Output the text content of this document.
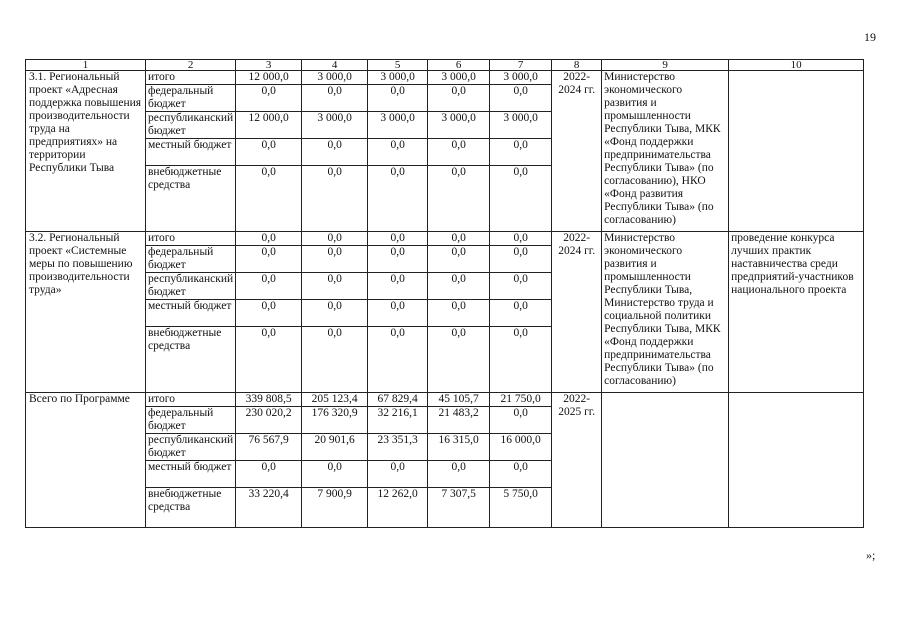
19
1	2	3	4	5	6	7	8	9	10
3.1. Региональный проект «Адресная поддержка повышения производительности труда на предприятиях» на территории Республики Тыва	итого	12 000,0	3 000,0	3 000,0	3 000,0	3 000,0	2022-2024 гг.	Министерство экономического развития и промышленности Республики Тыва, МКК «Фонд поддержки предпринимательства Республики Тыва» (по согласованию), НКО «Фонд развития Республики Тыва» (по согласованию)	
	федеральный бюджет	0,0	0,0	0,0	0,0	0,0			
	республиканский бюджет	12 000,0	3 000,0	3 000,0	3 000,0	3 000,0			
	местный бюджет	0,0	0,0	0,0	0,0	0,0			
	внебюджетные средства	0,0	0,0	0,0	0,0	0,0			
3.2. Региональный проект «Системные меры по повышению производительности труда»	итого	0,0	0,0	0,0	0,0	0,0	2022-2024 гг.	Министерство экономического развития и промышленности Республики Тыва, Министерство труда и социальной политики Республики Тыва, МКК «Фонд поддержки предпринимательства Республики Тыва» (по согласованию)	проведение конкурса лучших практик наставничества среди предприятий-участников национального проекта
	федеральный бюджет	0,0	0,0	0,0	0,0	0,0			
	республиканский бюджет	0,0	0,0	0,0	0,0	0,0			
	местный бюджет	0,0	0,0	0,0	0,0	0,0			
	внебюджетные средства	0,0	0,0	0,0	0,0	0,0			
Всего по Программе	итого	339 808,5	205 123,4	67 829,4	45 105,7	21 750,0	2022-2025 гг.		
	федеральный бюджет	230 020,2	176 320,9	32 216,1	21 483,2	0,0			
	республиканский бюджет	76 567,9	20 901,6	23 351,3	16 315,0	16 000,0			
	местный бюджет	0,0	0,0	0,0	0,0	0,0			
	внебюджетные средства	33 220,4	7 900,9	12 262,0	7 307,5	5 750,0			
»;
